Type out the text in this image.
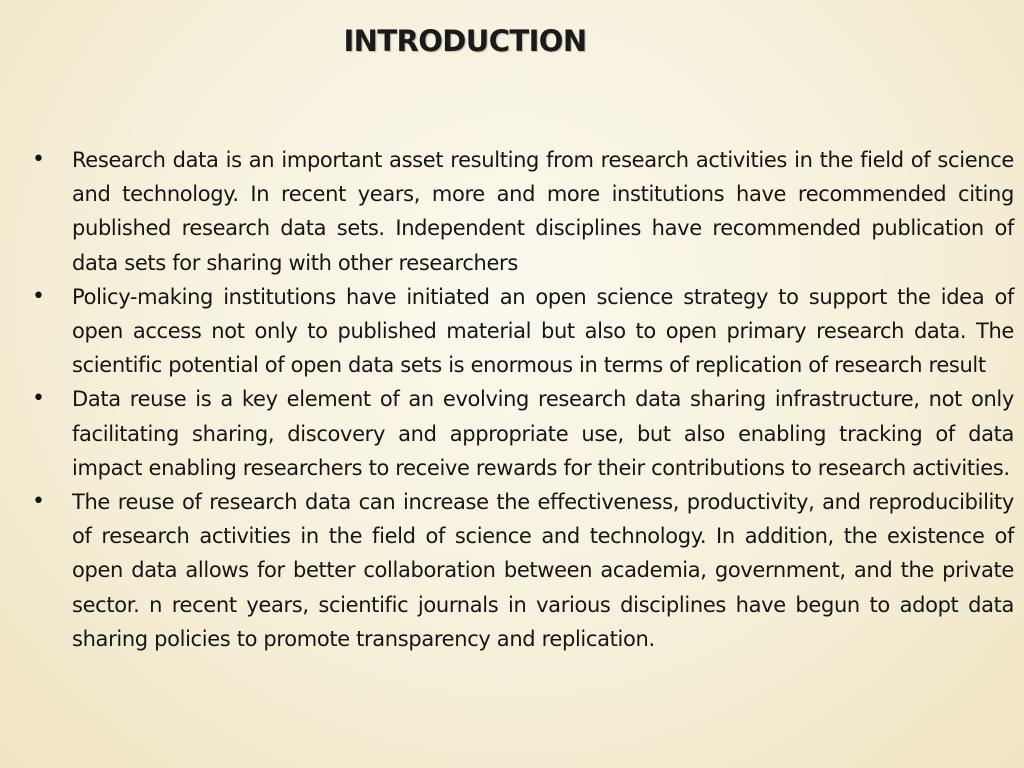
INTRODUCTION
•	Research data is an important asset resulting from research activities in the field of science and technology. In recent years, more and more institutions have recommended citing published research data sets. Independent disciplines have recommended publication of data sets for sharing with other researchers
•	Policy-making institutions have initiated an open science strategy to support the idea of open access not only to published material but also to open primary research data. The scientific potential of open data sets is enormous in terms of replication of research result
•	Data reuse is a key element of an evolving research data sharing infrastructure, not only facilitating sharing, discovery and appropriate use, but also enabling tracking of data impact enabling researchers to receive rewards for their contributions to research activities.
•	The reuse of research data can increase the effectiveness, productivity, and reproducibility of research activities in the field of science and technology. In addition, the existence of open data allows for better collaboration between academia, government, and the private sector. n recent years, scientific journals in various disciplines have begun to adopt data sharing policies to promote transparency and replication.
